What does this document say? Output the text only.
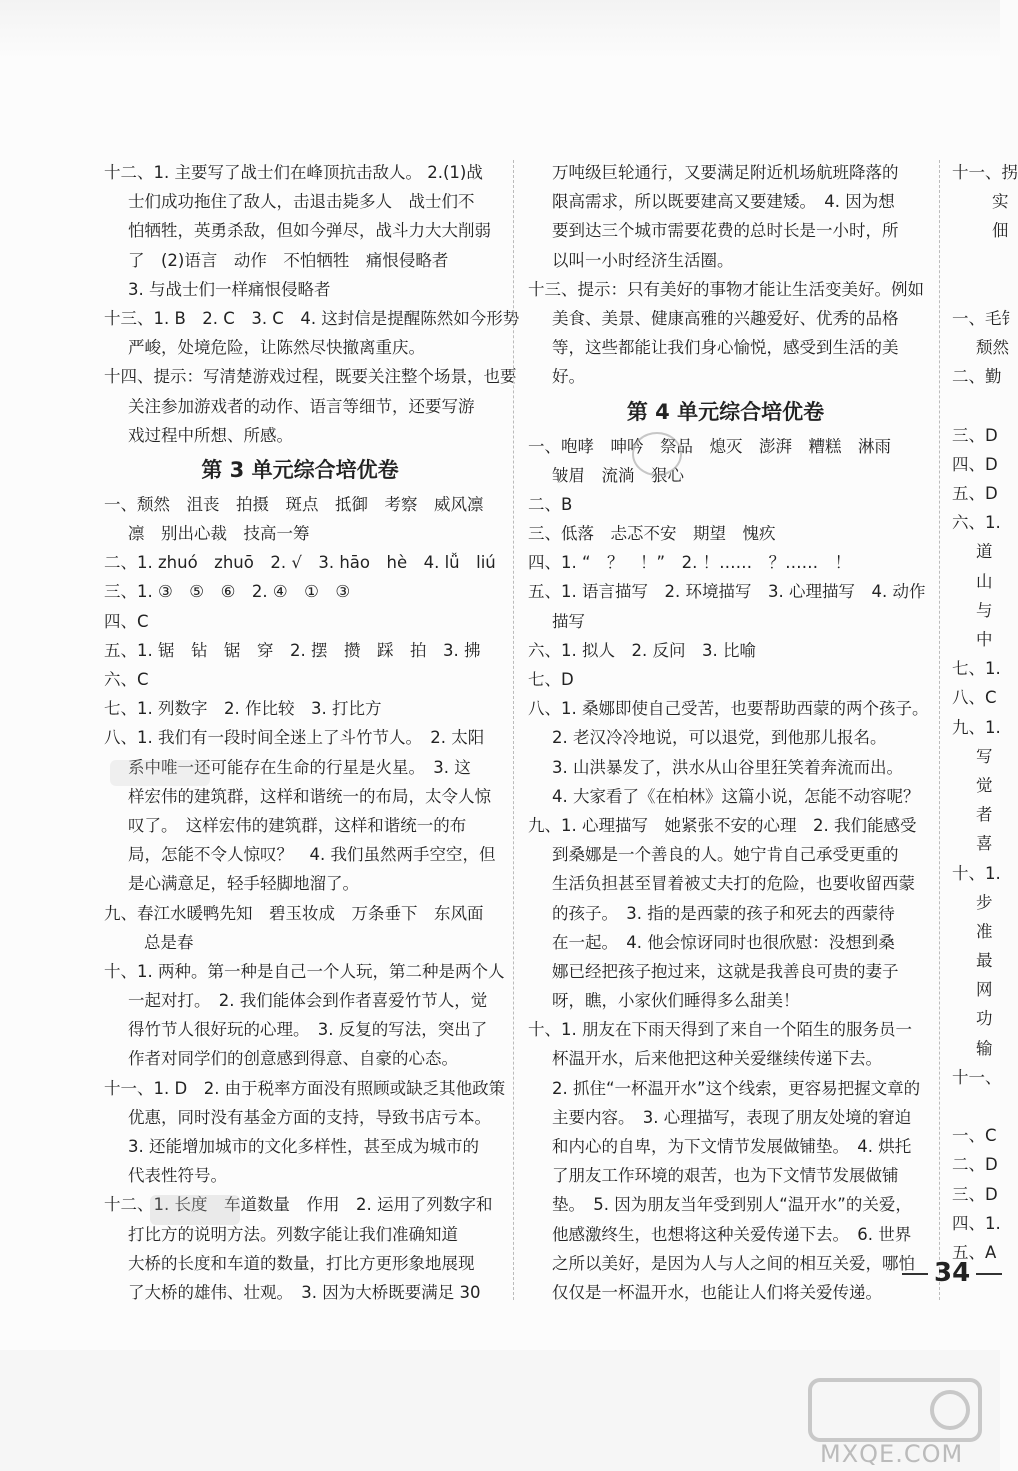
十二、1. 主要写了战士们在峰顶抗击敌人。 2.(1)战
士们成功拖住了敌人，击退击毙多人　战士们不
怕牺牲，英勇杀敌，但如今弹尽，战斗力大大削弱
了　(2)语言　动作　不怕牺牲　痛恨侵略者
3. 与战士们一样痛恨侵略者
十三、1. B　2. C　3. C　4. 这封信是提醒陈然如今形势
严峻，处境危险，让陈然尽快撤离重庆。
十四、提示：写清楚游戏过程，既要关注整个场景，也要
关注参加游戏者的动作、语言等细节，还要写游
戏过程中所想、所感。
第 3 单元综合培优卷
一、颓然　沮丧　拍摄　斑点　抵御　考察　威风凛
凛　别出心裁　技高一筹
二、1. zhuó　zhuō　2. √　3. hāo　hè　4. lǚ　liú
三、1. ③　⑤　⑥　2. ④　①　③
四、C
五、1. 锯　钻　锯　穿　2. 摆　攒　踩　拍　3. 拂
六、C
七、1. 列数字　2. 作比较　3. 打比方
八、1. 我们有一段时间全迷上了斗竹节人。　2. 太阳
系中唯一还可能存在生命的行星是火星。　3. 这
样宏伟的建筑群，这样和谐统一的布局，太令人惊
叹了。　这样宏伟的建筑群，这样和谐统一的布
局，怎能不令人惊叹？　4. 我们虽然两手空空，但
是心满意足，轻手轻脚地溜了。
九、春江水暖鸭先知　碧玉妆成　万条垂下　东风面
总是春
十、1. 两种。第一种是自己一个人玩，第二种是两个人
一起对打。　2. 我们能体会到作者喜爱竹节人，觉
得竹节人很好玩的心理。　3. 反复的写法，突出了
作者对同学们的创意感到得意、自豪的心态。
十一、1. D　2. 由于税率方面没有照顾或缺乏其他政策
优惠，同时没有基金方面的支持，导致书店亏本。
3. 还能增加城市的文化多样性，甚至成为城市的
代表性符号。
十二、1. 长度　车道数量　作用　2. 运用了列数字和
打比方的说明方法。列数字能让我们准确知道
大桥的长度和车道的数量，打比方更形象地展现
了大桥的雄伟、壮观。　3. 因为大桥既要满足 30
万吨级巨轮通行，又要满足附近机场航班降落的
限高需求，所以既要建高又要建矮。　4. 因为想
要到达三个城市需要花费的总时长是一小时，所
以叫一小时经济生活圈。
十三、提示：只有美好的事物才能让生活变美好。例如
美食、美景、健康高雅的兴趣爱好、优秀的品格
等，这些都能让我们身心愉悦，感受到生活的美
好。
第 4 单元综合培优卷
一、咆哮　呻吟　祭品　熄灭　澎湃　糟糕　淋雨
皱眉　流淌　狠心
二、B
三、低落　忐忑不安　期望　愧疚
四、1. “　？　！”　2. ！……　？……　！
五、1. 语言描写　2. 环境描写　3. 心理描写　4. 动作
描写
六、1. 拟人　2. 反问　3. 比喻
七、D
八、1. 桑娜即使自己受苦，也要帮助西蒙的两个孩子。
2. 老汉冷冷地说，可以退党，到他那儿报名。
3. 山洪暴发了，洪水从山谷里狂笑着奔流而出。
4. 大家看了《在柏林》这篇小说，怎能不动容呢？
九、1. 心理描写　她紧张不安的心理　2. 我们能感受
到桑娜是一个善良的人。她宁肯自己承受更重的
生活负担甚至冒着被丈夫打的危险，也要收留西蒙
的孩子。　3. 指的是西蒙的孩子和死去的西蒙待
在一起。　4. 他会惊讶同时也很欣慰：没想到桑
娜已经把孩子抱过来，这就是我善良可贵的妻子
呀，瞧，小家伙们睡得多么甜美！
十、1. 朋友在下雨天得到了来自一个陌生的服务员一
杯温开水，后来他把这种关爱继续传递下去。
2. 抓住“一杯温开水”这个线索，更容易把握文章的
主要内容。　3. 心理描写，表现了朋友处境的窘迫
和内心的自卑，为下文情节发展做铺垫。　4. 烘托
了朋友工作环境的艰苦，也为下文情节发展做铺
垫。　5. 因为朋友当年受到别人“温开水”的关爱，
他感激终生，也想将这种关爱传递下去。　6. 世界
之所以美好，是因为人与人之间的相互关爱，哪怕
仅仅是一杯温开水，也能让人们将关爱传递。
十一、拐
实
佃
一、毛钅
颓然
二、勤
三、D
四、D
五、D
六、1.
道
山
与
中
七、1.
八、C
九、1.
写
觉
者
喜
十、1.
步
准
最
网
功
输
十一、
一、C
二、D
三、D
四、1.
五、A
34
MXQE.COM
